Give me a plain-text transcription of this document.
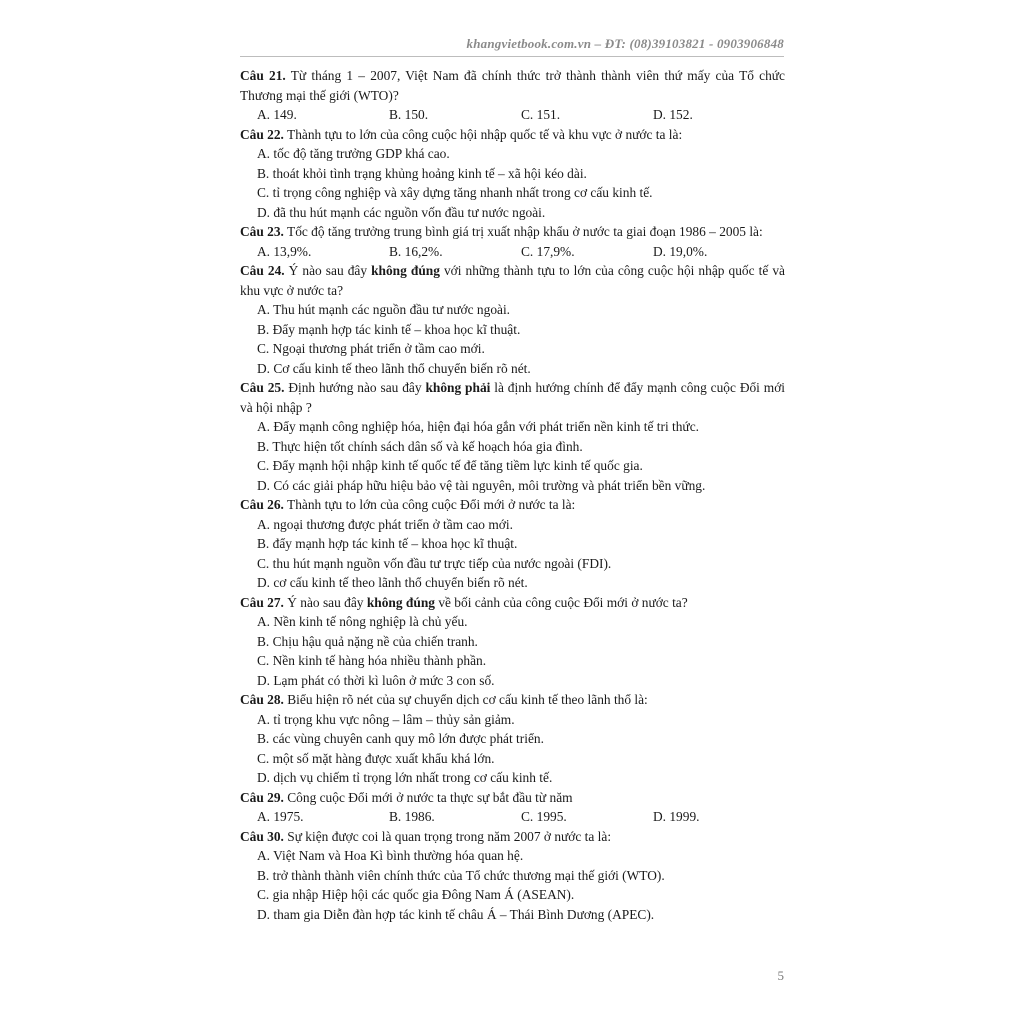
khangvietbook.com.vn – ĐT: (08)39103821 - 0903906848
Câu 21. Từ tháng 1 – 2007, Việt Nam đã chính thức trở thành thành viên thứ mấy của Tổ chức Thương mại thế giới (WTO)?
A. 149.	B. 150.	C. 151.	D. 152.
Câu 22. Thành tựu to lớn của công cuộc hội nhập quốc tế và khu vực ở nước ta là:
A. tốc độ tăng trưởng GDP khá cao.
B. thoát khỏi tình trạng khủng hoảng kinh tế – xã hội kéo dài.
C. tỉ trọng công nghiệp và xây dựng tăng nhanh nhất trong cơ cấu kinh tế.
D. đã thu hút mạnh các nguồn vốn đầu tư nước ngoài.
Câu 23. Tốc độ tăng trưởng trung bình giá trị xuất nhập khẩu ở nước ta giai đoạn 1986 – 2005 là:
A. 13,9%.	B. 16,2%.	C. 17,9%.	D. 19,0%.
Câu 24. Ý nào sau đây không đúng với những thành tựu to lớn của công cuộc hội nhập quốc tế và khu vực ở nước ta?
A. Thu hút mạnh các nguồn đầu tư nước ngoài.
B. Đẩy mạnh hợp tác kinh tế – khoa học kĩ thuật.
C. Ngoại thương phát triển ở tầm cao mới.
D. Cơ cấu kinh tế theo lãnh thổ chuyển biến rõ nét.
Câu 25. Định hướng nào sau đây không phải là định hướng chính để đẩy mạnh công cuộc Đổi mới và hội nhập ?
A. Đẩy mạnh công nghiệp hóa, hiện đại hóa gắn với phát triển nền kinh tế tri thức.
B. Thực hiện tốt chính sách dân số và kế hoạch hóa gia đình.
C. Đẩy mạnh hội nhập kinh tế quốc tế để tăng tiềm lực kinh tế quốc gia.
D. Có các giải pháp hữu hiệu bảo vệ tài nguyên, môi trường và phát triển bền vững.
Câu 26. Thành tựu to lớn của công cuộc Đổi mới ở nước ta là:
A. ngoại thương được phát triển ở tầm cao mới.
B. đẩy mạnh hợp tác kinh tế – khoa học kĩ thuật.
C. thu hút mạnh nguồn vốn đầu tư trực tiếp của nước ngoài (FDI).
D. cơ cấu kinh tế theo lãnh thổ chuyển biến rõ nét.
Câu 27. Ý nào sau đây không đúng về bối cảnh của công cuộc Đổi mới ở nước ta?
A. Nền kinh tế nông nghiệp là chủ yếu.
B. Chịu hậu quả nặng nề của chiến tranh.
C. Nền kinh tế hàng hóa nhiều thành phần.
D. Lạm phát có thời kì luôn ở mức 3 con số.
Câu 28. Biểu hiện rõ nét của sự chuyển dịch cơ cấu kinh tế theo lãnh thổ là:
A. tỉ trọng khu vực nông – lâm – thủy sản giảm.
B. các vùng chuyên canh quy mô lớn được phát triển.
C. một số mặt hàng được xuất khẩu khá lớn.
D. dịch vụ chiếm tỉ trọng lớn nhất trong cơ cấu kinh tế.
Câu 29. Công cuộc Đổi mới ở nước ta thực sự bắt đầu từ năm
A. 1975.	B. 1986.	C. 1995.	D. 1999.
Câu 30. Sự kiện được coi là quan trọng trong năm 2007 ở nước ta là:
A. Việt Nam và Hoa Kì bình thường hóa quan hệ.
B. trở thành thành viên chính thức của Tổ chức thương mại thế giới (WTO).
C. gia nhập Hiệp hội các quốc gia Đông Nam Á (ASEAN).
D. tham gia Diễn đàn hợp tác kinh tế châu Á – Thái Bình Dương (APEC).
5
